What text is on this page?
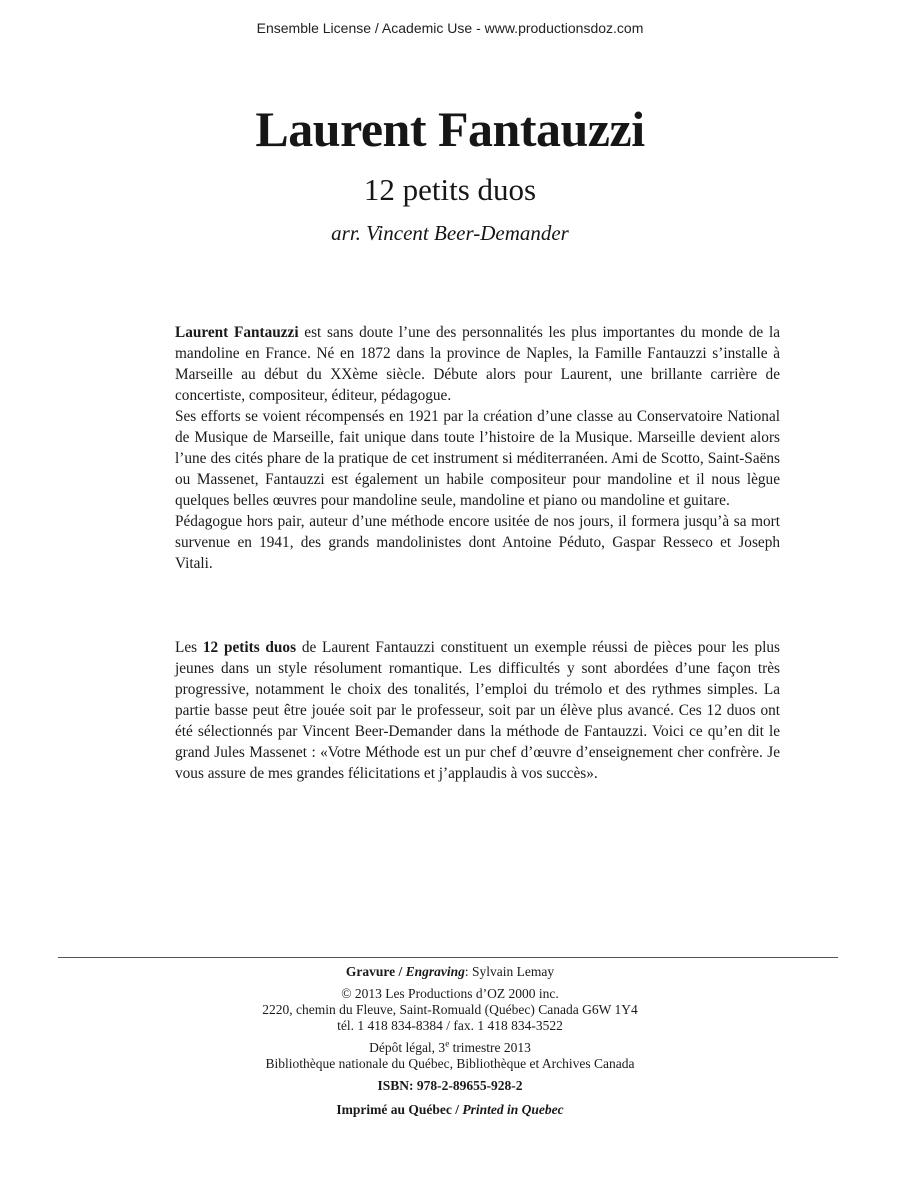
Ensemble License / Academic Use - www.productionsdoz.com
Laurent Fantauzzi
12 petits duos
arr. Vincent Beer-Demander

Laurent Fantauzzi est sans doute l’une des personnalités les plus importantes du monde de la mandoline en France. Né en 1872 dans la province de Naples, la Famille Fantauzzi s’installe à Marseille au début du XXème siècle. Débute alors pour Laurent, une brillante carrière de concertiste, compositeur, éditeur, pédagogue.

Ses efforts se voient récompensés en 1921 par la création d’une classe au Conservatoire National de Musique de Marseille, fait unique dans toute l’histoire de la Musique. Marseille devient alors l’une des cités phare de la pratique de cet instrument si méditerranéen. Ami de Scotto, Saint-Saëns ou Massenet, Fantauzzi est également un habile compositeur pour mandoline et il nous lègue quelques belles œuvres pour mandoline seule, mandoline et piano ou mandoline et guitare.

Pédagogue hors pair, auteur d’une méthode encore usitée de nos jours, il formera jusqu’à sa mort survenue en 1941, des grands mandolinistes dont Antoine Péduto, Gaspar Resseco et Joseph Vitali.

Les 12 petits duos de Laurent Fantauzzi constituent un exemple réussi de pièces pour les plus jeunes dans un style résolument romantique. Les difficultés y sont abordées d’une façon très progressive, notamment le choix des tonalités, l’emploi du trémolo et des rythmes simples. La partie basse peut être jouée soit par le professeur, soit par un élève plus avancé. Ces 12 duos ont été sélectionnés par Vincent Beer-Demander dans la méthode de Fantauzzi. Voici ce qu’en dit le grand Jules Massenet : «Votre Méthode est un pur chef d’œuvre d’enseignement cher confrère. Je vous assure de mes grandes félicitations et j’applaudis à vos succès».

Gravure / Engraving: Sylvain Lemay
© 2013 Les Productions d’OZ 2000 inc.
2220, chemin du Fleuve, Saint-Romuald (Québec) Canada G6W 1Y4
tél. 1 418 834-8384 / fax. 1 418 834-3522
Dépôt légal, 3e trimestre 2013
Bibliothèque nationale du Québec, Bibliothèque et Archives Canada
ISBN: 978-2-89655-928-2
Imprimé au Québec / Printed in Quebec
